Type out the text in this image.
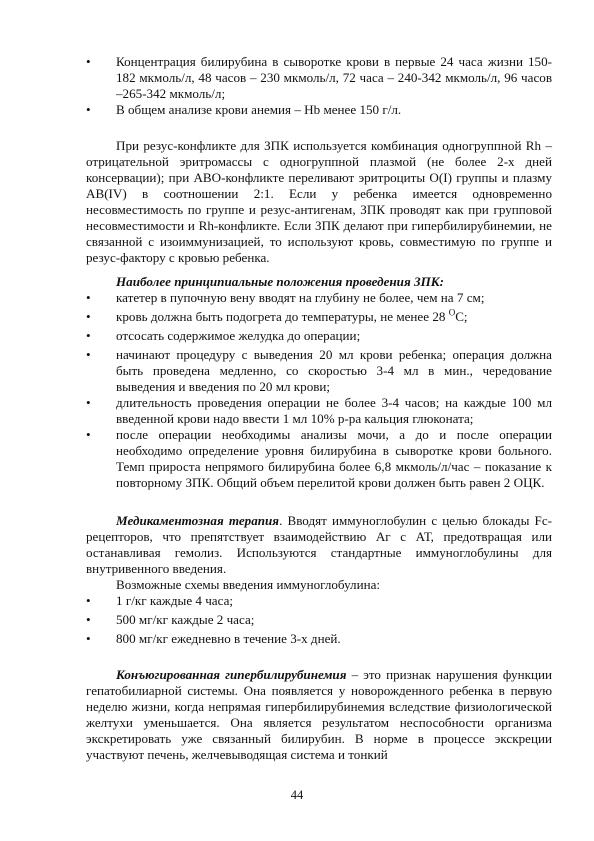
• Концентрация билирубина в сыворотке крови в первые 24 часа жизни 150-182 мкмоль/л, 48 часов – 230 мкмоль/л, 72 часа – 240-342 мкмоль/л, 96 часов –265-342 мкмоль/л;
• В общем анализе крови анемия – Hb менее 150 г/л.

При резус-конфликте для ЗПК используется комбинация одногруппной Rh – отрицательной эритромассы с одногруппной плазмой (не более 2-х дней консервации); при АВО-конфликте переливают эритроциты O(I) группы и плазму AB(IV) в соотношении 2:1. Если у ребенка имеется одновременно несовместимость по группе и резус-антигенам, ЗПК проводят как при групповой несовместимости и Rh-конфликте. Если ЗПК делают при гипербилирубинемии, не связанной с изоиммунизацией, то используют кровь, совместимую по группе и резус-фактору с кровью ребенка.

Наиболее принципиальные положения проведения ЗПК:

• катетер в пупочную вену вводят на глубину не более, чем на 7 см;
• кровь должна быть подогрета до температуры, не менее 28 $^О$С;
• отсосать содержимое желудка до операции;
• начинают процедуру с выведения 20 мл крови ребенка; операция должна быть проведена медленно, со скоростью 3-4 мл в мин., чередование выведения и введения по 20 мл крови;
• длительность проведения операции не более 3-4 часов; на каждые 100 мл введенной крови надо ввести 1 мл 10% р-ра кальция глюконата;
• после операции необходимы анализы мочи, а до и после операции необходимо определение уровня билирубина в сыворотке крови больного. Темп прироста непрямого билирубина более 6,8 мкмоль/л/час – показание к повторному ЗПК. Общий объем перелитой крови должен быть равен 2 ОЦК.

Медикаментозная терапия. Вводят иммуноглобулин с целью блокады Fc-рецепторов, что препятствует взаимодействию Аг с АТ, предотвращая или останавливая гемолиз. Используются стандартные иммуноглобулины для внутривенного введения.

Возможные схемы введения иммуноглобулина:

• 1 г/кг каждые 4 часа;
• 500 мг/кг каждые 2 часа;
• 800 мг/кг ежедневно в течение 3-х дней.

Конъюгированная гипербилирубинемия – это признак нарушения функции гепатобилиарной системы. Она появляется у новорожденного ребенка в первую неделю жизни, когда непрямая гипербилирубинемия вследствие физиологической желтухи уменьшается. Она является результатом неспособности организма экскретировать уже связанный билирубин. В норме в процессе экскреции участвуют печень, желчевыводящая система и тонкий

44
